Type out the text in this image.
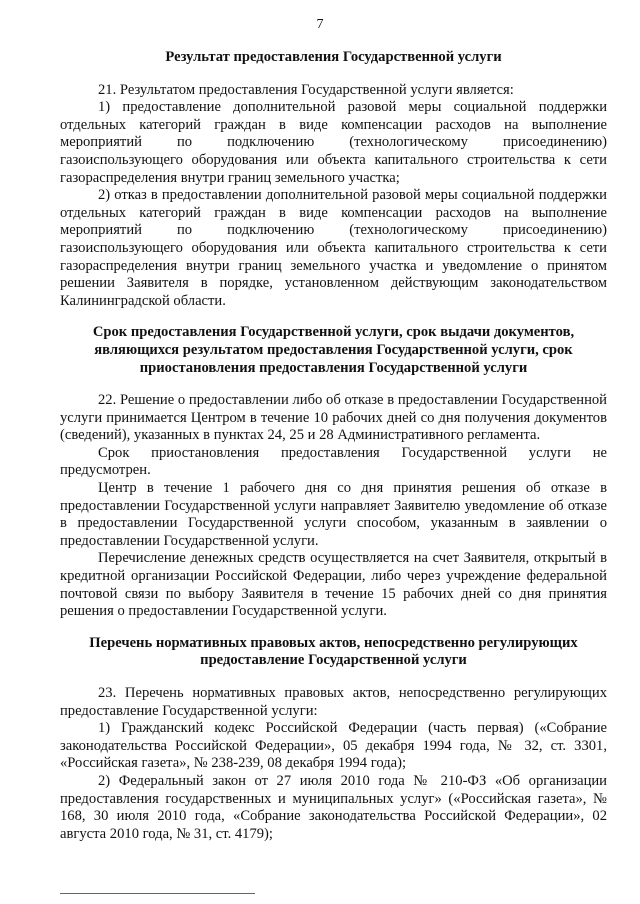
7
Результат предоставления Государственной услуги

21. Результатом предоставления Государственной услуги является:

1) предоставление дополнительной разовой меры социальной поддержки отдельных категорий граждан в виде компенсации расходов на выполнение мероприятий по подключению (технологическому присоединению) газоиспользующего оборудования или объекта капитального строительства к сети газораспределения внутри границ земельного участка;

2) отказ в предоставлении дополнительной разовой меры социальной поддержки отдельных категорий граждан в виде компенсации расходов на выполнение мероприятий по подключению (технологическому присоединению) газоиспользующего оборудования или объекта капитального строительства к сети газораспределения внутри границ земельного участка и уведомление о принятом решении Заявителя в порядке, установленном действующим законодательством Калининградской области.

Срок предоставления Государственной услуги, срок выдачи документов, являющихся результатом предоставления Государственной услуги, срок приостановления предоставления Государственной услуги

22. Решение о предоставлении либо об отказе в предоставлении Государственной услуги принимается Центром в течение 10 рабочих дней со дня получения документов (сведений), указанных в пунктах 24, 25 и 28 Административного регламента.

Срок приостановления предоставления Государственной услуги не предусмотрен.

Центр в течение 1 рабочего дня со дня принятия решения об отказе в предоставлении Государственной услуги направляет Заявителю уведомление об отказе в предоставлении Государственной услуги способом, указанным в заявлении о предоставлении Государственной услуги.

Перечисление денежных средств осуществляется на счет Заявителя, открытый в кредитной организации Российской Федерации, либо через учреждение федеральной почтовой связи по выбору Заявителя в течение 15 рабочих дней со дня принятия решения о предоставлении Государственной услуги.

Перечень нормативных правовых актов, непосредственно регулирующих предоставление Государственной услуги

23. Перечень нормативных правовых актов, непосредственно регулирующих предоставление Государственной услуги:

1) Гражданский кодекс Российской Федерации (часть первая) («Собрание законодательства Российской Федерации», 05 декабря 1994 года, № 32, ст. 3301, «Российская газета», № 238-239, 08 декабря 1994 года);

2) Федеральный закон от 27 июля 2010 года № 210-ФЗ «Об организации предоставления государственных и муниципальных услуг» («Российская газета», № 168, 30 июля 2010 года, «Собрание законодательства Российской Федерации», 02 августа 2010 года, № 31, ст. 4179);
